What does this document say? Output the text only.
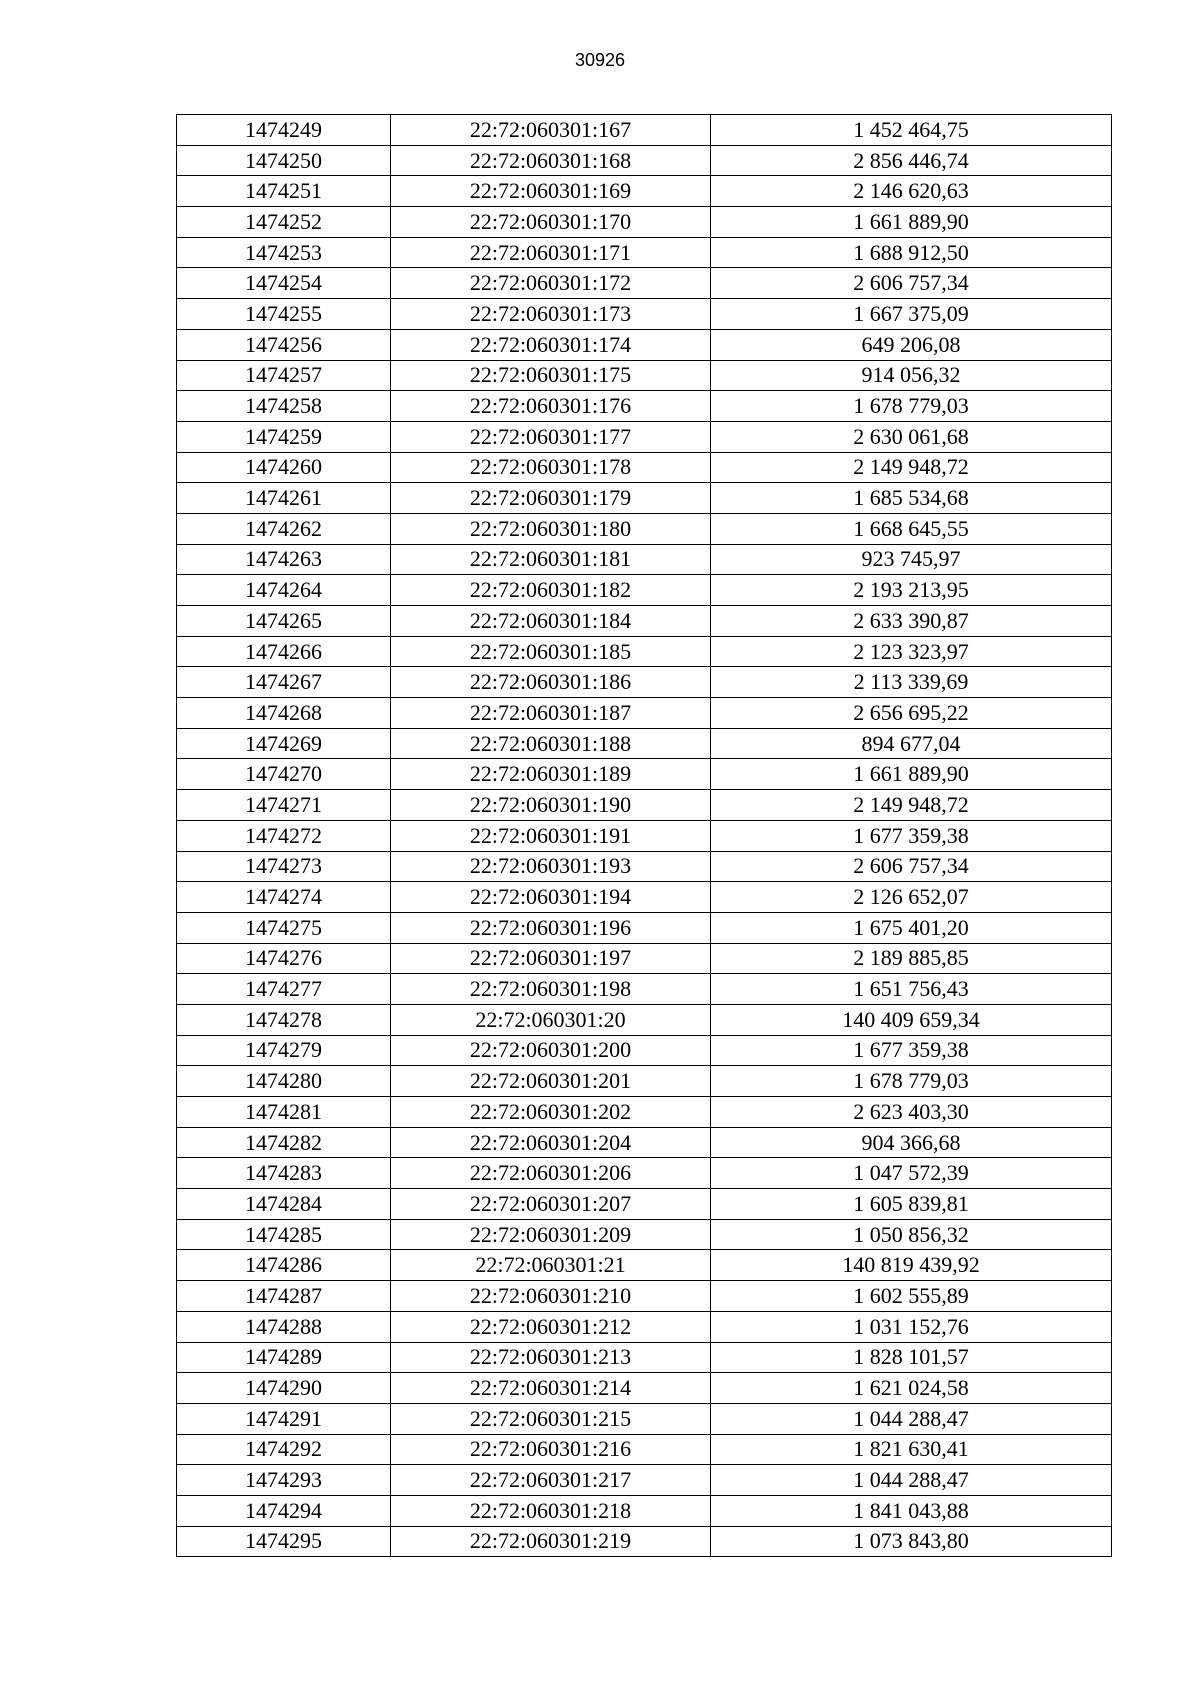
30926
1474249	22:72:060301:167	1 452 464,75
1474250	22:72:060301:168	2 856 446,74
1474251	22:72:060301:169	2 146 620,63
1474252	22:72:060301:170	1 661 889,90
1474253	22:72:060301:171	1 688 912,50
1474254	22:72:060301:172	2 606 757,34
1474255	22:72:060301:173	1 667 375,09
1474256	22:72:060301:174	649 206,08
1474257	22:72:060301:175	914 056,32
1474258	22:72:060301:176	1 678 779,03
1474259	22:72:060301:177	2 630 061,68
1474260	22:72:060301:178	2 149 948,72
1474261	22:72:060301:179	1 685 534,68
1474262	22:72:060301:180	1 668 645,55
1474263	22:72:060301:181	923 745,97
1474264	22:72:060301:182	2 193 213,95
1474265	22:72:060301:184	2 633 390,87
1474266	22:72:060301:185	2 123 323,97
1474267	22:72:060301:186	2 113 339,69
1474268	22:72:060301:187	2 656 695,22
1474269	22:72:060301:188	894 677,04
1474270	22:72:060301:189	1 661 889,90
1474271	22:72:060301:190	2 149 948,72
1474272	22:72:060301:191	1 677 359,38
1474273	22:72:060301:193	2 606 757,34
1474274	22:72:060301:194	2 126 652,07
1474275	22:72:060301:196	1 675 401,20
1474276	22:72:060301:197	2 189 885,85
1474277	22:72:060301:198	1 651 756,43
1474278	22:72:060301:20	140 409 659,34
1474279	22:72:060301:200	1 677 359,38
1474280	22:72:060301:201	1 678 779,03
1474281	22:72:060301:202	2 623 403,30
1474282	22:72:060301:204	904 366,68
1474283	22:72:060301:206	1 047 572,39
1474284	22:72:060301:207	1 605 839,81
1474285	22:72:060301:209	1 050 856,32
1474286	22:72:060301:21	140 819 439,92
1474287	22:72:060301:210	1 602 555,89
1474288	22:72:060301:212	1 031 152,76
1474289	22:72:060301:213	1 828 101,57
1474290	22:72:060301:214	1 621 024,58
1474291	22:72:060301:215	1 044 288,47
1474292	22:72:060301:216	1 821 630,41
1474293	22:72:060301:217	1 044 288,47
1474294	22:72:060301:218	1 841 043,88
1474295	22:72:060301:219	1 073 843,80
